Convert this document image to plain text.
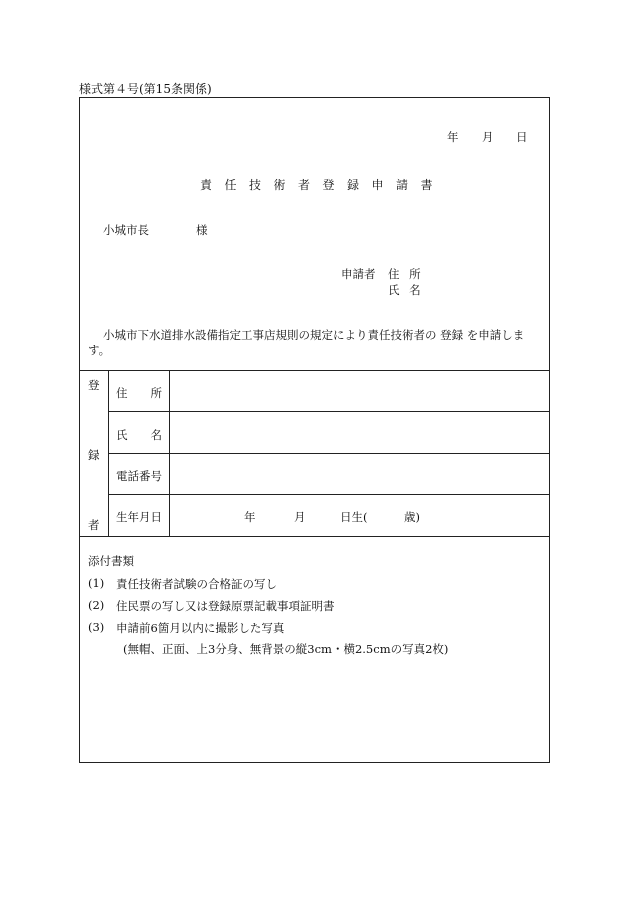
様式第４号(第15条関係)
年 月 日
責 任 技 術 者 登 録 申 請 書
小城市長	様
申請者 住 所
氏 名
小城市下水道排水設備指定工事店規則の規定により責任技術者の 登録 を申請しま
す。
登
録
者
住　　所
氏　　名
電話番号
生年月日	年	月	日生(	歳)
添付書類
(1) 責任技術者試験の合格証の写し
(2) 住民票の写し又は登録原票記載事項証明書
(3) 申請前6箇月以内に撮影した写真
(無帽、正面、上3分身、無背景の縦3cm・横2.5cmの写真2枚)
